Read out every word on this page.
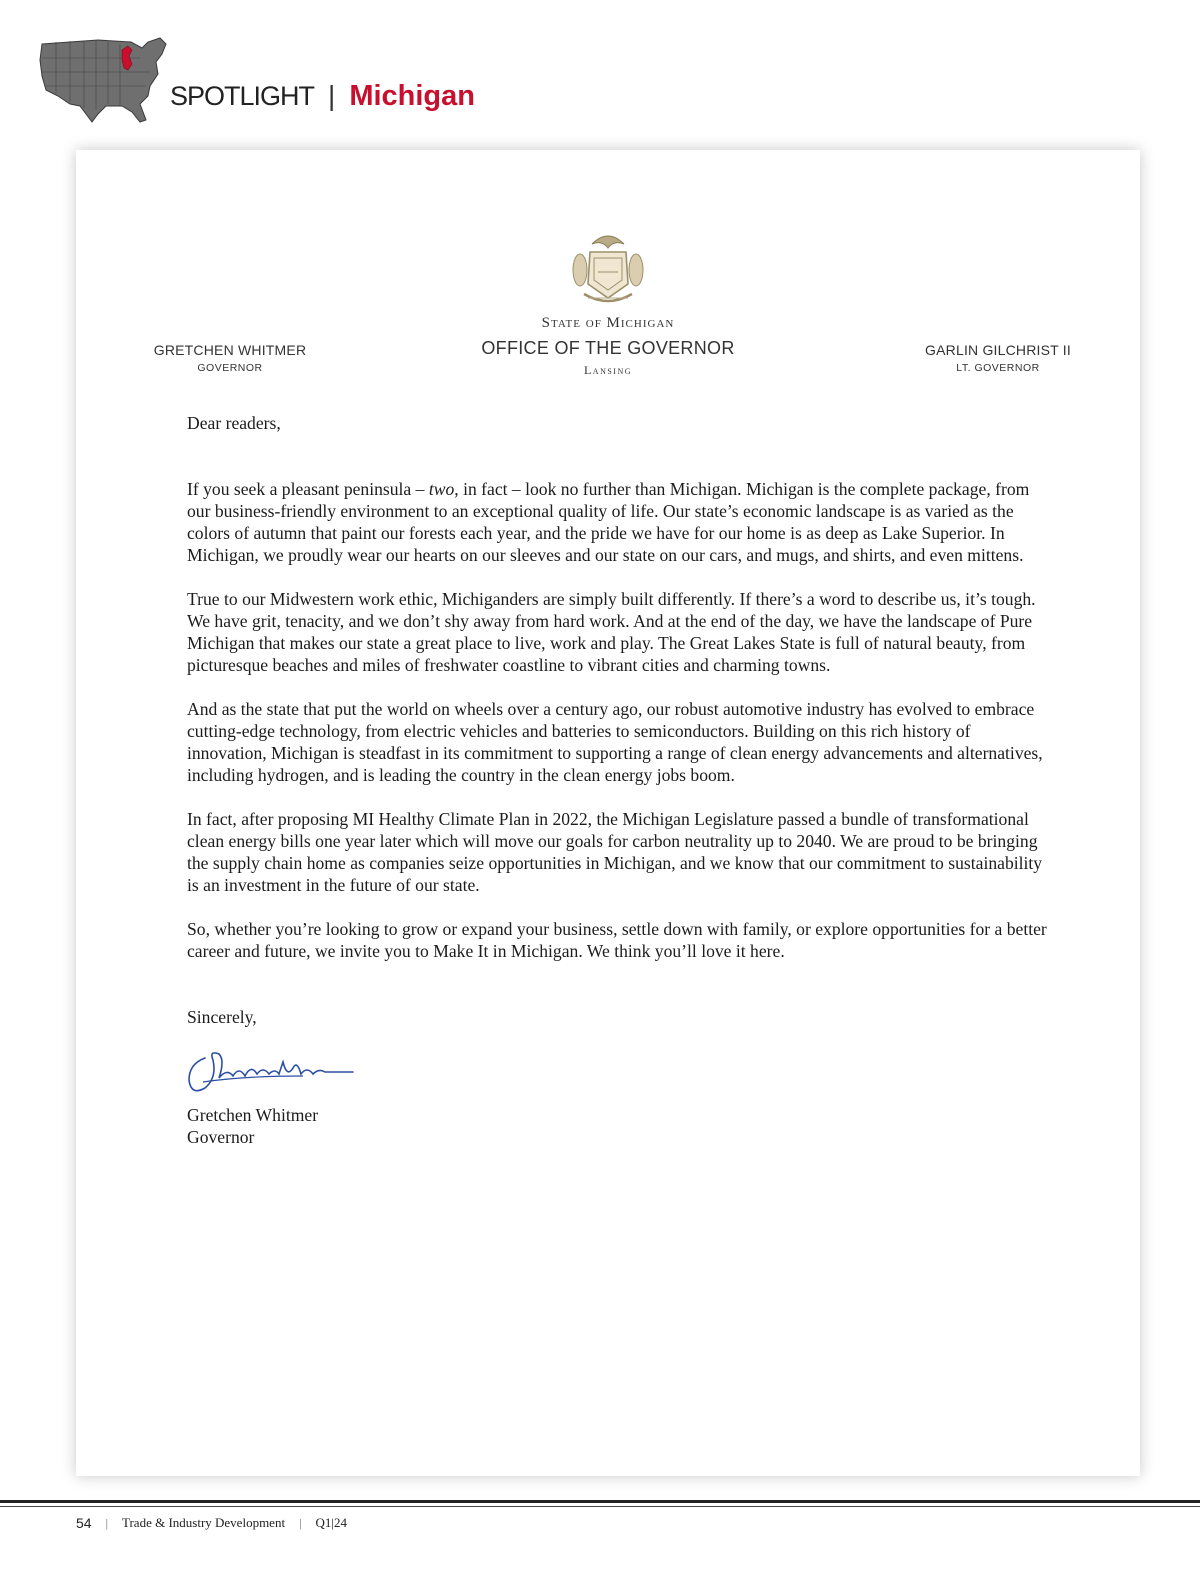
SPOTLIGHT | Michigan
State of Michigan
OFFICE OF THE GOVERNOR
Lansing
GRETCHEN WHITMER
GOVERNOR
GARLIN GILCHRIST II
LT. GOVERNOR

Dear readers,

If you seek a pleasant peninsula – two, in fact – look no further than Michigan. Michigan is the complete package, from our business-friendly environment to an exceptional quality of life. Our state’s economic landscape is as varied as the colors of autumn that paint our forests each year, and the pride we have for our home is as deep as Lake Superior. In Michigan, we proudly wear our hearts on our sleeves and our state on our cars, and mugs, and shirts, and even mittens.

True to our Midwestern work ethic, Michiganders are simply built differently. If there’s a word to describe us, it’s tough. We have grit, tenacity, and we don’t shy away from hard work. And at the end of the day, we have the landscape of Pure Michigan that makes our state a great place to live, work and play. The Great Lakes State is full of natural beauty, from picturesque beaches and miles of freshwater coastline to vibrant cities and charming towns.

And as the state that put the world on wheels over a century ago, our robust automotive industry has evolved to embrace cutting-edge technology, from electric vehicles and batteries to semiconductors. Building on this rich history of innovation, Michigan is steadfast in its commitment to supporting a range of clean energy advancements and alternatives, including hydrogen, and is leading the country in the clean energy jobs boom.

In fact, after proposing MI Healthy Climate Plan in 2022, the Michigan Legislature passed a bundle of transformational clean energy bills one year later which will move our goals for carbon neutrality up to 2040. We are proud to be bringing the supply chain home as companies seize opportunities in Michigan, and we know that our commitment to sustainability is an investment in the future of our state.

So, whether you’re looking to grow or expand your business, settle down with family, or explore opportunities for a better career and future, we invite you to Make It in Michigan. We think you’ll love it here.

Sincerely,

Gretchen Whitmer
Governor
54 | Trade & Industry Development | Q1|24
